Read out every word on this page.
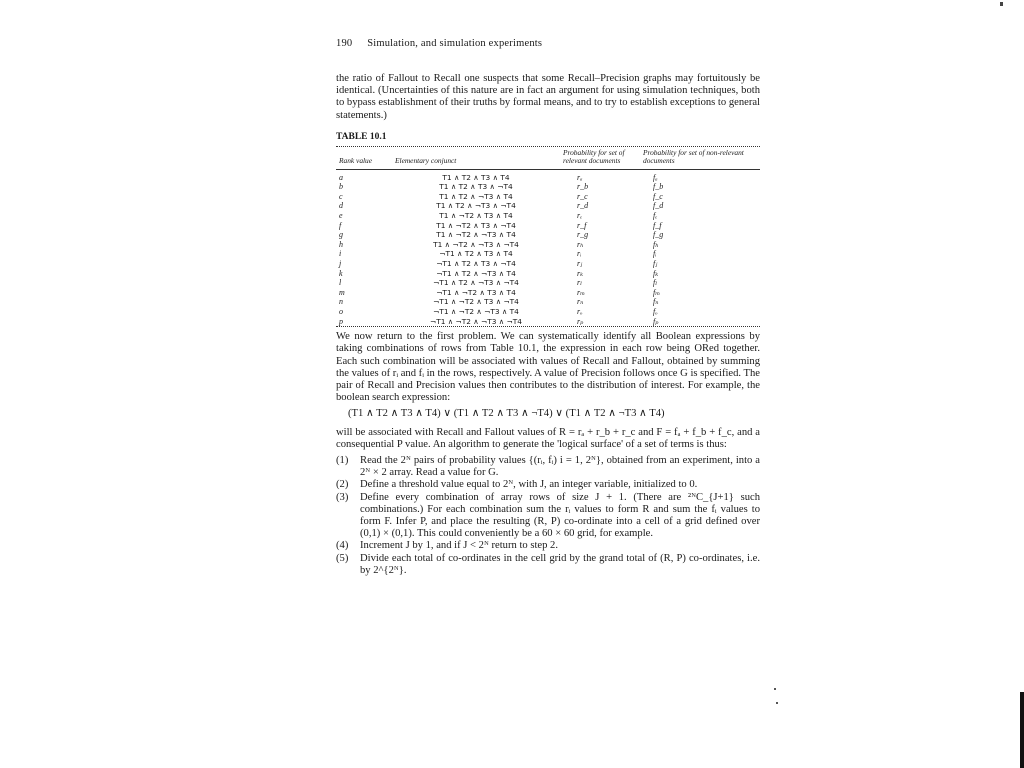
190 Simulation, and simulation experiments

the ratio of Fallout to Recall one suspects that some Recall–Precision graphs may fortuitously be identical. (Uncertainties of this nature are in fact an argument for using simulation techniques, both to bypass establishment of their truths by formal means, and to try to establish exceptions to general statements.)

TABLE 10.1
Rank value	Elementary conjunct	Probability for set of relevant documents	Probability for set of non-relevant documents

a	T1 ∧ T2 ∧ T3 ∧ T4	rₐ	fₐ
b	T1 ∧ T2 ∧ T3 ∧ ¬T4	r_b	f_b
c	T1 ∧ T2 ∧ ¬T3 ∧ T4	r_c	f_c
d	T1 ∧ T2 ∧ ¬T3 ∧ ¬T4	r_d	f_d
e	T1 ∧ ¬T2 ∧ T3 ∧ T4	rₑ	fₑ
f	T1 ∧ ¬T2 ∧ T3 ∧ ¬T4	r_f	f_f
g	T1 ∧ ¬T2 ∧ ¬T3 ∧ T4	r_g	f_g
h	T1 ∧ ¬T2 ∧ ¬T3 ∧ ¬T4	rₕ	fₕ
i	¬T1 ∧ T2 ∧ T3 ∧ T4	rᵢ	fᵢ
j	¬T1 ∧ T2 ∧ T3 ∧ ¬T4	rⱼ	fⱼ
k	¬T1 ∧ T2 ∧ ¬T3 ∧ T4	rₖ	fₖ
l	¬T1 ∧ T2 ∧ ¬T3 ∧ ¬T4	rₗ	fₗ
m	¬T1 ∧ ¬T2 ∧ T3 ∧ T4	rₘ	fₘ
n	¬T1 ∧ ¬T2 ∧ T3 ∧ ¬T4	rₙ	fₙ
o	¬T1 ∧ ¬T2 ∧ ¬T3 ∧ T4	rₒ	fₒ
p	¬T1 ∧ ¬T2 ∧ ¬T3 ∧ ¬T4	rₚ	fₚ

We now return to the first problem. We can systematically identify all Boolean expressions by taking combinations of rows from Table 10.1, the expression in each row being ORed together. Each such combination will be associated with values of Recall and Fallout, obtained by summing the values of rᵢ and fᵢ in the rows, respectively. A value of Precision follows once G is specified. The pair of Recall and Precision values then contributes to the distribution of interest. For example, the boolean search expression:

(T1 ∧ T2 ∧ T3 ∧ T4) ∨ (T1 ∧ T2 ∧ T3 ∧ ¬T4) ∨ (T1 ∧ T2 ∧ ¬T3 ∧ T4)

will be associated with Recall and Fallout values of R = rₐ + r_b + r_c and F = fₐ + f_b + f_c, and a consequential P value. An algorithm to generate the 'logical surface' of a set of terms is thus:

(1)	Read the 2ᴺ pairs of probability values {(rᵢ, fᵢ) i = 1, 2ᴺ}, obtained from an experiment, into a 2ᴺ × 2 array. Read a value for G.
(2)	Define a threshold value equal to 2ᴺ, with J, an integer variable, initialized to 0.
(3)	Define every combination of array rows of size J + 1. (There are ²ᴺC_{J+1} such combinations.) For each combination sum the rᵢ values to form R and sum the fᵢ values to form F. Infer P, and place the resulting (R, P) co-ordinate into a cell of a grid defined over (0,1) × (0,1). This could conveniently be a 60 × 60 grid, for example.
(4)	Increment J by 1, and if J < 2ᴺ return to step 2.
(5)	Divide each total of co-ordinates in the cell grid by the grand total of (R, P) co-ordinates, i.e. by 2^{2ᴺ}.
